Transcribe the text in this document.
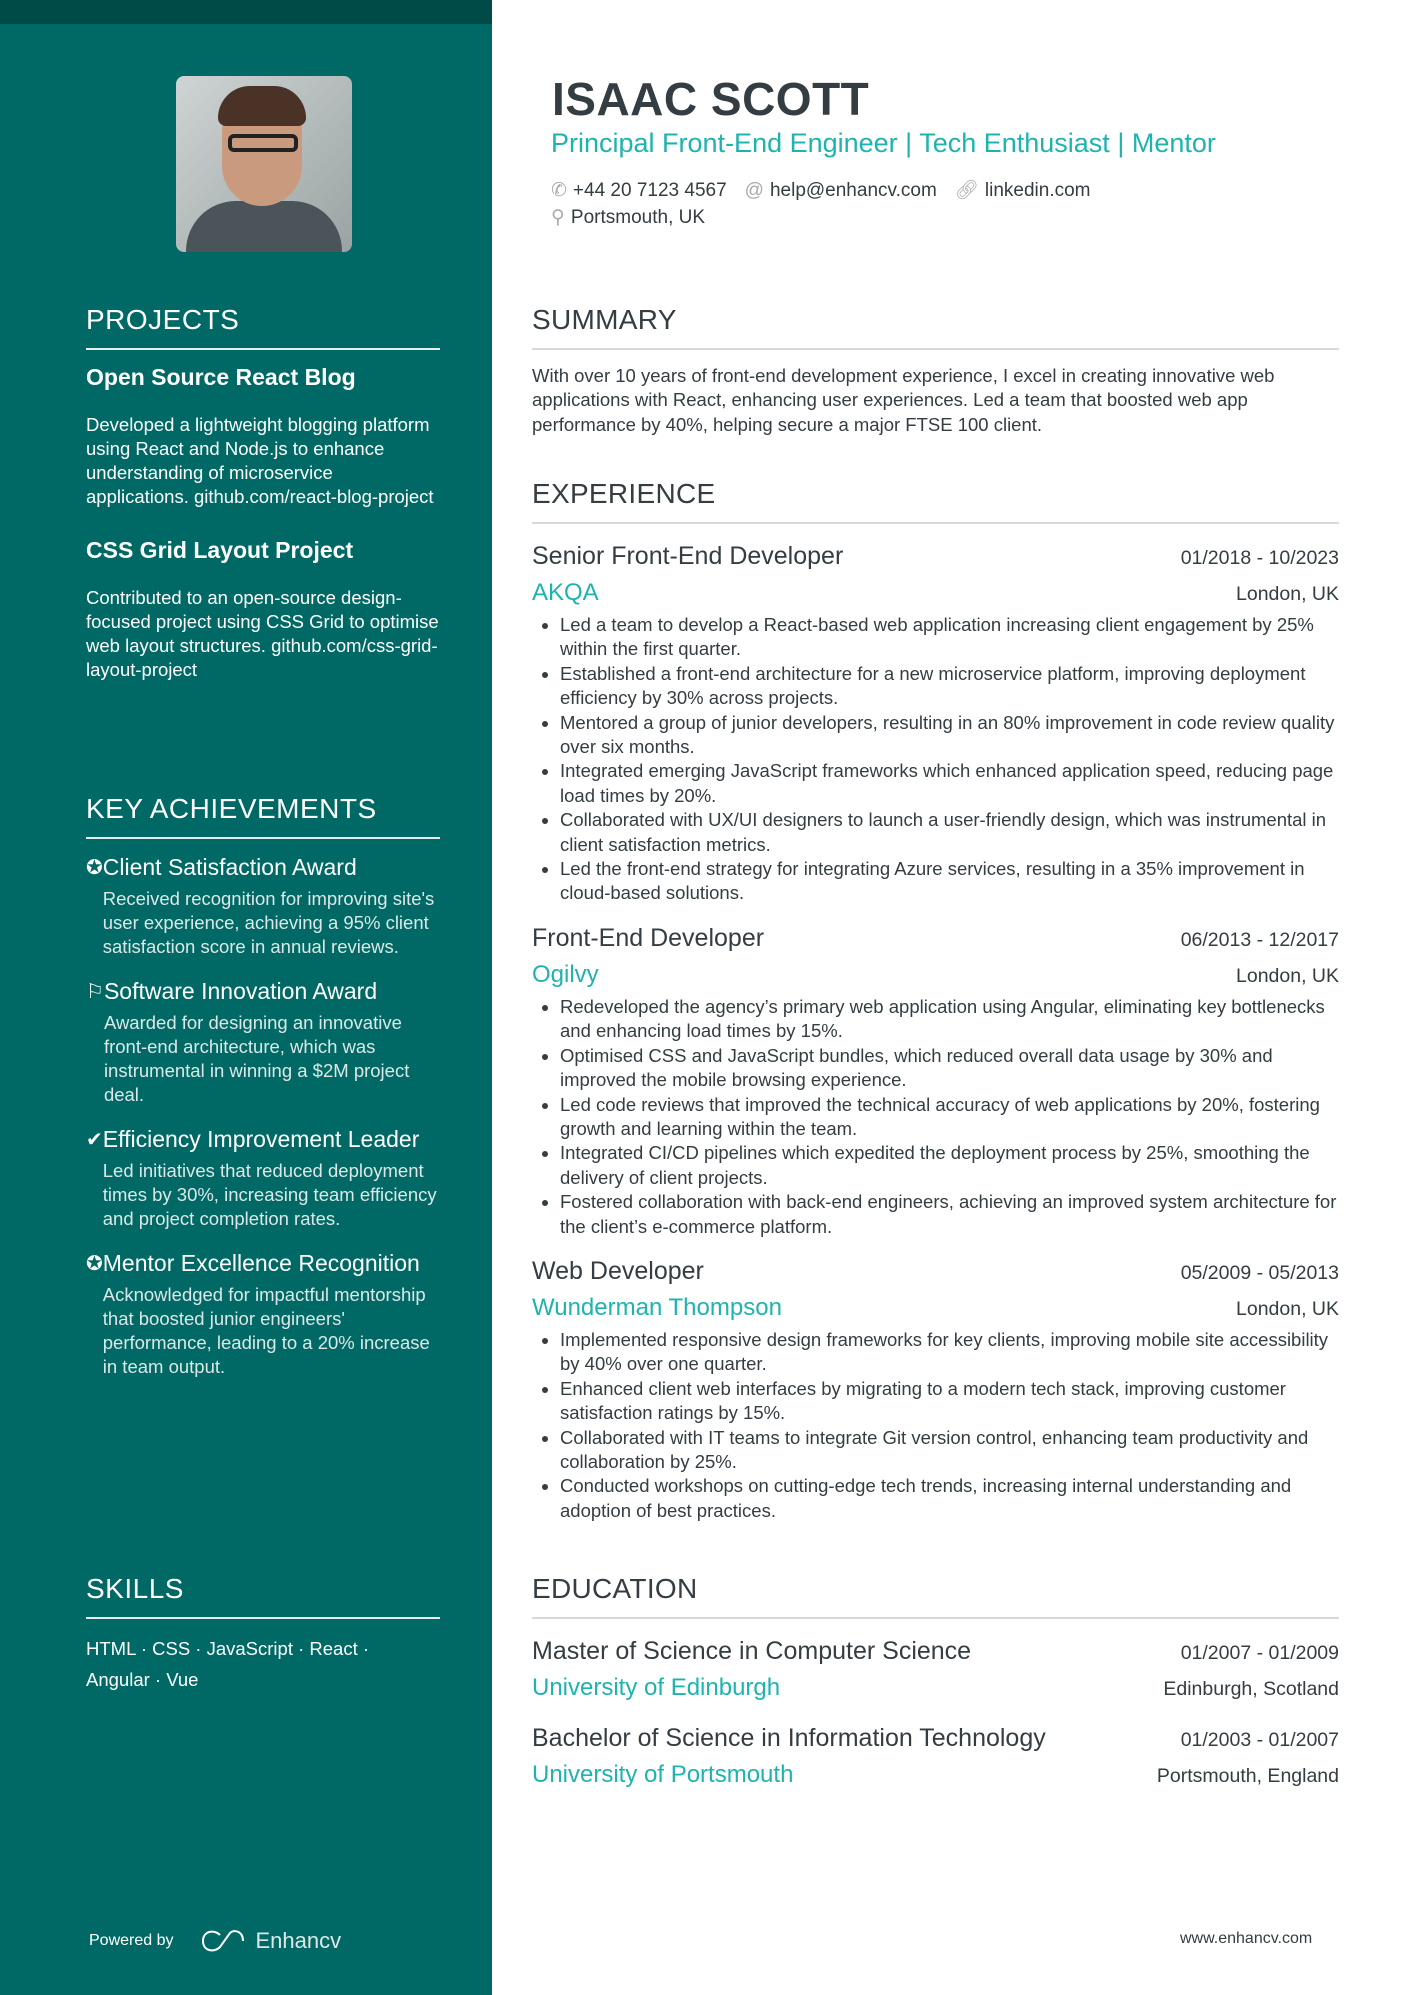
PROJECTS
Open Source React Blog
Developed a lightweight blogging platform using React and Node.js to enhance understanding of microservice applications. github.com/react-blog-project
CSS Grid Layout Project
Contributed to an open-source design-focused project using CSS Grid to optimise web layout structures. github.com/css-grid-layout-project
KEY ACHIEVEMENTS
✪ Client Satisfaction Award
Received recognition for improving site's user experience, achieving a 95% client satisfaction score in annual reviews.
⚐ Software Innovation Award
Awarded for designing an innovative front-end architecture, which was instrumental in winning a $2M project deal.
✔ Efficiency Improvement Leader
Led initiatives that reduced deployment times by 30%, increasing team efficiency and project completion rates.
✪ Mentor Excellence Recognition
Acknowledged for impactful mentorship that boosted junior engineers' performance, leading to a 20% increase in team output.
SKILLS
HTML · CSS · JavaScript · React ·
Angular · Vue
Powered by	Enhancv
ISAAC SCOTT
Principal Front-End Engineer | Tech Enthusiast | Mentor
✆ +44 20 7123 4567 @ help@enhancv.com 🔗︎ linkedin.com
⚲ Portsmouth, UK
SUMMARY
With over 10 years of front-end development experience, I excel in creating innovative web applications with React, enhancing user experiences. Led a team that boosted web app performance by 40%, helping secure a major FTSE 100 client.
EXPERIENCE
Senior Front-End Developer	01/2018 - 10/2023
AKQA	London, UK
• Led a team to develop a React-based web application increasing client engagement by 25% within the first quarter.
• Established a front-end architecture for a new microservice platform, improving deployment efficiency by 30% across projects.
• Mentored a group of junior developers, resulting in an 80% improvement in code review quality over six months.
• Integrated emerging JavaScript frameworks which enhanced application speed, reducing page load times by 20%.
• Collaborated with UX/UI designers to launch a user-friendly design, which was instrumental in client satisfaction metrics.
• Led the front-end strategy for integrating Azure services, resulting in a 35% improvement in cloud-based solutions.
Front-End Developer	06/2013 - 12/2017
Ogilvy	London, UK
• Redeveloped the agency’s primary web application using Angular, eliminating key bottlenecks and enhancing load times by 15%.
• Optimised CSS and JavaScript bundles, which reduced overall data usage by 30% and improved the mobile browsing experience.
• Led code reviews that improved the technical accuracy of web applications by 20%, fostering growth and learning within the team.
• Integrated CI/CD pipelines which expedited the deployment process by 25%, smoothing the delivery of client projects.
• Fostered collaboration with back-end engineers, achieving an improved system architecture for the client’s e-commerce platform.
Web Developer	05/2009 - 05/2013
Wunderman Thompson	London, UK
• Implemented responsive design frameworks for key clients, improving mobile site accessibility by 40% over one quarter.
• Enhanced client web interfaces by migrating to a modern tech stack, improving customer satisfaction ratings by 15%.
• Collaborated with IT teams to integrate Git version control, enhancing team productivity and collaboration by 25%.
• Conducted workshops on cutting-edge tech trends, increasing internal understanding and adoption of best practices.
EDUCATION
Master of Science in Computer Science	01/2007 - 01/2009
University of Edinburgh	Edinburgh, Scotland
Bachelor of Science in Information Technology	01/2003 - 01/2007
University of Portsmouth	Portsmouth, England
www.enhancv.com
